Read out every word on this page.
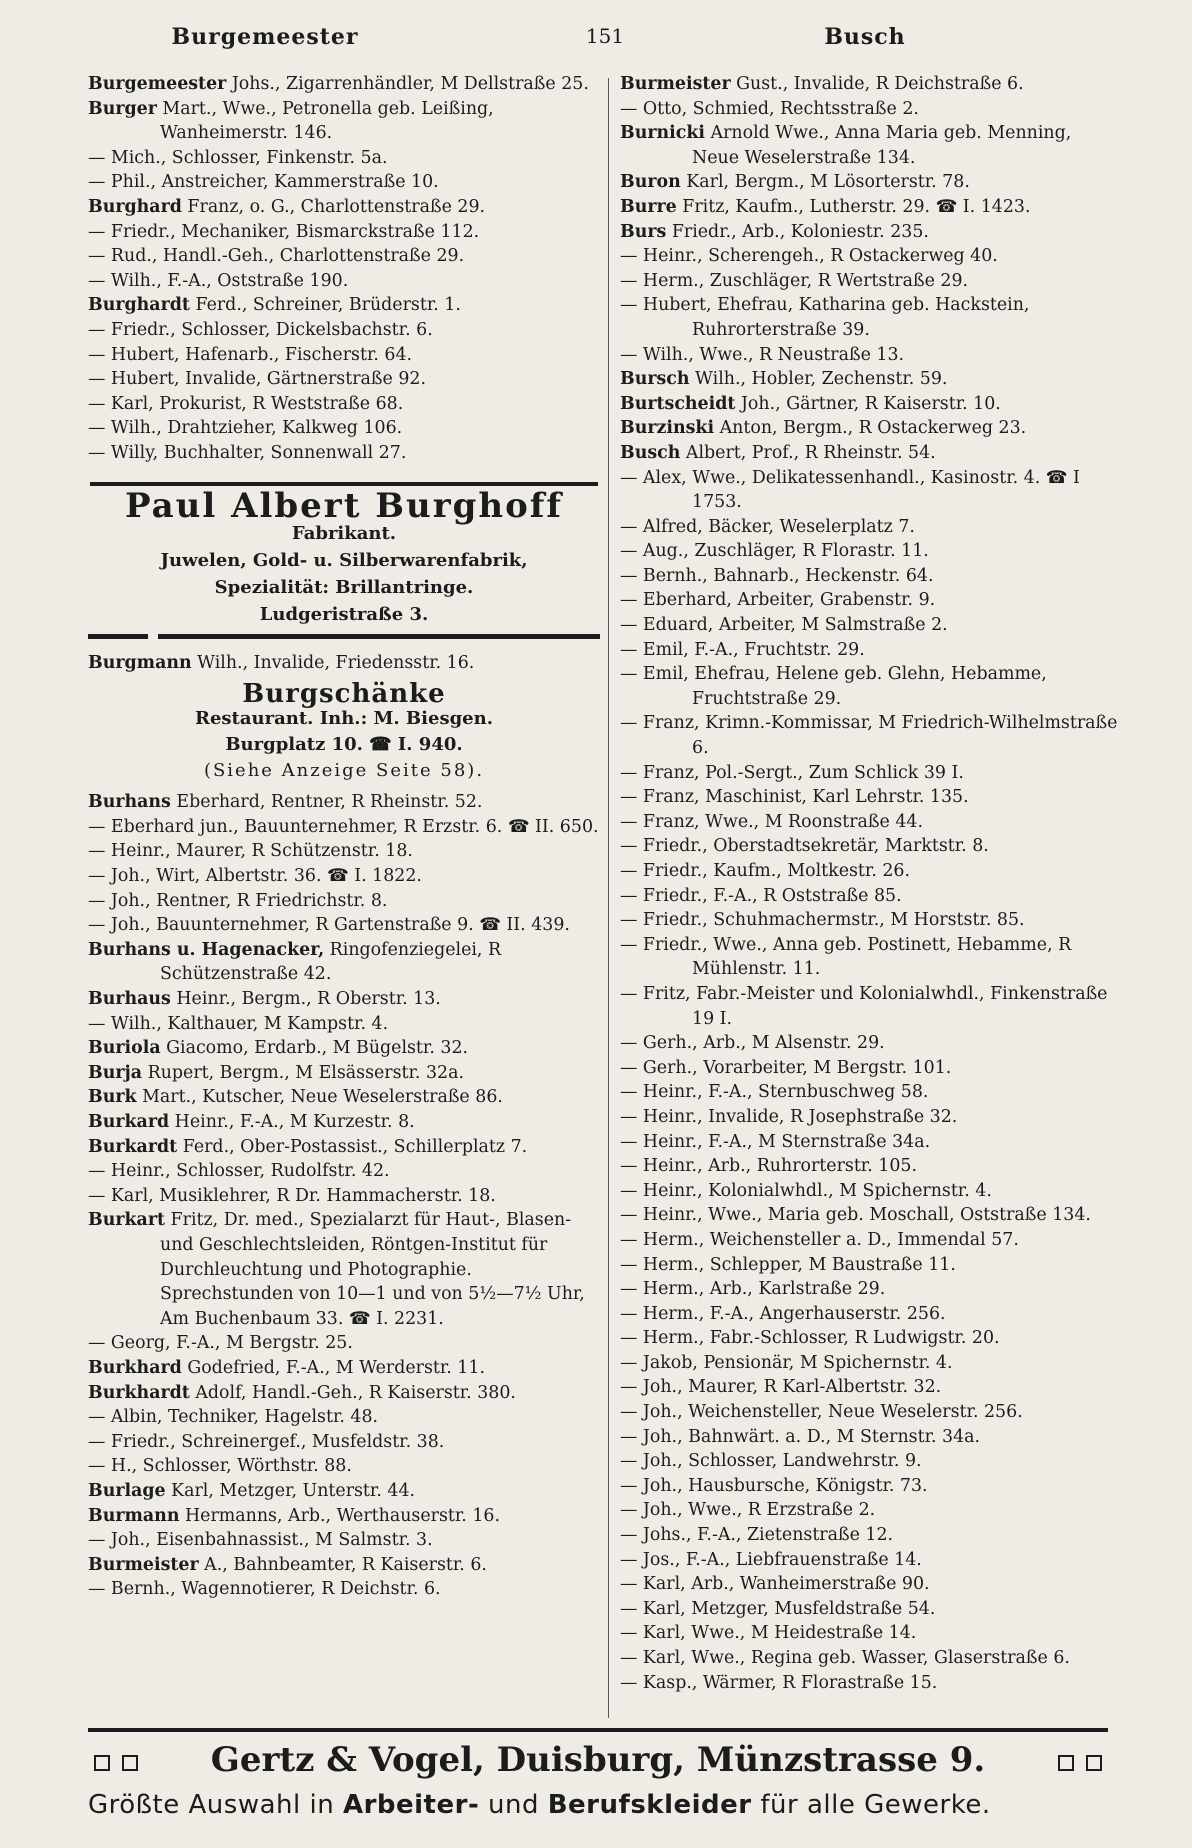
Burgemeester	151	Busch
Burgemeester Johs., Zigarrenhändler, M Dellstraße 25.
Burger Mart., Wwe., Petronella geb. Leißing, Wanheimerstr. 146.
— Mich., Schlosser, Finkenstr. 5a.
— Phil., Anstreicher, Kammerstraße 10.
Burghard Franz, o. G., Charlottenstraße 29.
— Friedr., Mechaniker, Bismarckstraße 112.
— Rud., Handl.-Geh., Charlottenstraße 29.
— Wilh., F.-A., Oststraße 190.
Burghardt Ferd., Schreiner, Brüderstr. 1.
— Friedr., Schlosser, Dickelsbachstr. 6.
— Hubert, Hafenarb., Fischerstr. 64.
— Hubert, Invalide, Gärtnerstraße 92.
— Karl, Prokurist, R Weststraße 68.
— Wilh., Drahtzieher, Kalkweg 106.
— Willy, Buchhalter, Sonnenwall 27.
Paul Albert Burghoff
Fabrikant.
Juwelen, Gold- u. Silberwarenfabrik,
Spezialität: Brillantringe.
Ludgeristraße 3.
Burgmann Wilh., Invalide, Friedensstr. 16.
Burgschänke
Restaurant. Inh.: M. Biesgen.
Burgplatz 10. ☎ I. 940.
(Siehe Anzeige Seite 58).
Burhans Eberhard, Rentner, R Rheinstr. 52.
— Eberhard jun., Bauunternehmer, R Erzstr. 6. ☎ II. 650.
— Heinr., Maurer, R Schützenstr. 18.
— Joh., Wirt, Albertstr. 36. ☎ I. 1822.
— Joh., Rentner, R Friedrichstr. 8.
— Joh., Bauunternehmer, R Gartenstraße 9. ☎ II. 439.
Burhans u. Hagenacker, Ringofenziegelei, R Schützenstraße 42.
Burhaus Heinr., Bergm., R Oberstr. 13.
— Wilh., Kalthauer, M Kampstr. 4.
Buriola Giacomo, Erdarb., M Bügelstr. 32.
Burja Rupert, Bergm., M Elsässerstr. 32a.
Burk Mart., Kutscher, Neue Weselerstraße 86.
Burkard Heinr., F.-A., M Kurzestr. 8.
Burkardt Ferd., Ober-Postassist., Schillerplatz 7.
— Heinr., Schlosser, Rudolfstr. 42.
— Karl, Musiklehrer, R Dr. Hammacherstr. 18.
Burkart Fritz, Dr. med., Spezialarzt für Haut-, Blasen- und Geschlechtsleiden, Röntgen-Institut für Durchleuchtung und Photographie. Sprechstunden von 10—1 und von 5½—7½ Uhr, Am Buchenbaum 33. ☎ I. 2231.
— Georg, F.-A., M Bergstr. 25.
Burkhard Godefried, F.-A., M Werderstr. 11.
Burkhardt Adolf, Handl.-Geh., R Kaiserstr. 380.
— Albin, Techniker, Hagelstr. 48.
— Friedr., Schreinergef., Musfeldstr. 38.
— H., Schlosser, Wörthstr. 88.
Burlage Karl, Metzger, Unterstr. 44.
Burmann Hermanns, Arb., Werthauserstr. 16.
— Joh., Eisenbahnassist., M Salmstr. 3.
Burmeister A., Bahnbeamter, R Kaiserstr. 6.
— Bernh., Wagennotierer, R Deichstr. 6.
Burmeister Gust., Invalide, R Deichstraße 6.
— Otto, Schmied, Rechtsstraße 2.
Burnicki Arnold Wwe., Anna Maria geb. Menning, Neue Weselerstraße 134.
Buron Karl, Bergm., M Lösorterstr. 78.
Burre Fritz, Kaufm., Lutherstr. 29. ☎ I. 1423.
Burs Friedr., Arb., Koloniestr. 235.
— Heinr., Scherengeh., R Ostackerweg 40.
— Herm., Zuschläger, R Wertstraße 29.
— Hubert, Ehefrau, Katharina geb. Hackstein, Ruhrorterstraße 39.
— Wilh., Wwe., R Neustraße 13.
Bursch Wilh., Hobler, Zechenstr. 59.
Burtscheidt Joh., Gärtner, R Kaiserstr. 10.
Burzinski Anton, Bergm., R Ostackerweg 23.
Busch Albert, Prof., R Rheinstr. 54.
— Alex, Wwe., Delikatessenhandl., Kasinostr. 4. ☎ I 1753.
— Alfred, Bäcker, Weselerplatz 7.
— Aug., Zuschläger, R Florastr. 11.
— Bernh., Bahnarb., Heckenstr. 64.
— Eberhard, Arbeiter, Grabenstr. 9.
— Eduard, Arbeiter, M Salmstraße 2.
— Emil, F.-A., Fruchtstr. 29.
— Emil, Ehefrau, Helene geb. Glehn, Hebamme, Fruchtstraße 29.
— Franz, Krimn.-Kommissar, M Friedrich-Wilhelmstraße 6.
— Franz, Pol.-Sergt., Zum Schlick 39 I.
— Franz, Maschinist, Karl Lehrstr. 135.
— Franz, Wwe., M Roonstraße 44.
— Friedr., Oberstadtsekretär, Marktstr. 8.
— Friedr., Kaufm., Moltkestr. 26.
— Friedr., F.-A., R Oststraße 85.
— Friedr., Schuhmachermstr., M Horststr. 85.
— Friedr., Wwe., Anna geb. Postinett, Hebamme, R Mühlenstr. 11.
— Fritz, Fabr.-Meister und Kolonialwhdl., Finkenstraße 19 I.
— Gerh., Arb., M Alsenstr. 29.
— Gerh., Vorarbeiter, M Bergstr. 101.
— Heinr., F.-A., Sternbuschweg 58.
— Heinr., Invalide, R Josephstraße 32.
— Heinr., F.-A., M Sternstraße 34a.
— Heinr., Arb., Ruhrorterstr. 105.
— Heinr., Kolonialwhdl., M Spichernstr. 4.
— Heinr., Wwe., Maria geb. Moschall, Oststraße 134.
— Herm., Weichensteller a. D., Immendal 57.
— Herm., Schlepper, M Baustraße 11.
— Herm., Arb., Karlstraße 29.
— Herm., F.-A., Angerhauserstr. 256.
— Herm., Fabr.-Schlosser, R Ludwigstr. 20.
— Jakob, Pensionär, M Spichernstr. 4.
— Joh., Maurer, R Karl-Albertstr. 32.
— Joh., Weichensteller, Neue Weselerstr. 256.
— Joh., Bahnwärt. a. D., M Sternstr. 34a.
— Joh., Schlosser, Landwehrstr. 9.
— Joh., Hausbursche, Königstr. 73.
— Joh., Wwe., R Erzstraße 2.
— Johs., F.-A., Zietenstraße 12.
— Jos., F.-A., Liebfrauenstraße 14.
— Karl, Arb., Wanheimerstraße 90.
— Karl, Metzger, Musfeldstraße 54.
— Karl, Wwe., M Heidestraße 14.
— Karl, Wwe., Regina geb. Wasser, Glaserstraße 6.
— Kasp., Wärmer, R Florastraße 15.
Gertz & Vogel, Duisburg, Münzstrasse 9.
Größte Auswahl in Arbeiter- und Berufskleider für alle Gewerke.
